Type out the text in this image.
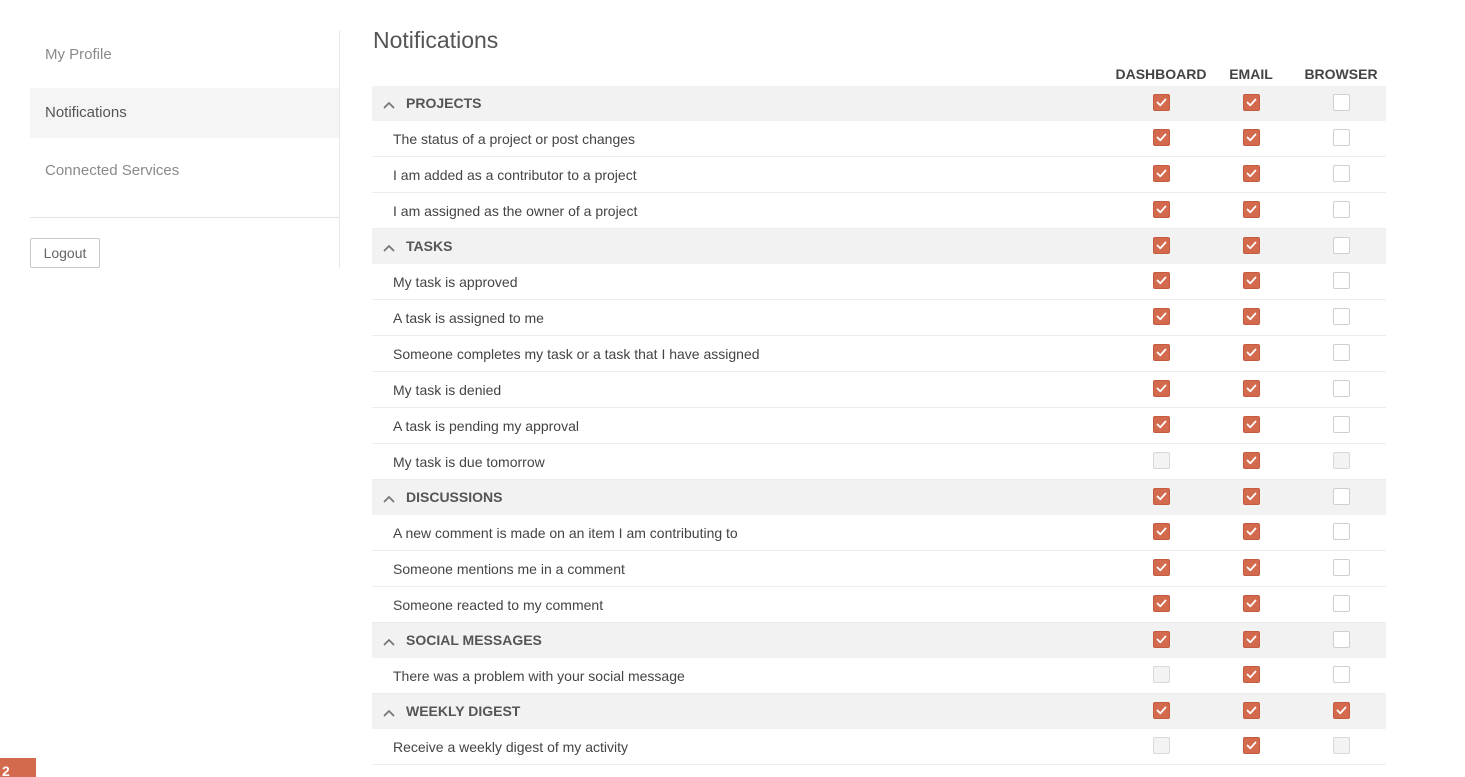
My Profile
Notifications
Connected Services
Logout
Notifications
DASHBOARD	EMAIL	BROWSER
PROJECTS
The status of a project or post changes
I am added as a contributor to a project
I am assigned as the owner of a project
TASKS
My task is approved
A task is assigned to me
Someone completes my task or a task that I have assigned
My task is denied
A task is pending my approval
My task is due tomorrow
DISCUSSIONS
A new comment is made on an item I am contributing to
Someone mentions me in a comment
Someone reacted to my comment
SOCIAL MESSAGES
There was a problem with your social message
WEEKLY DIGEST
Receive a weekly digest of my activity
2
